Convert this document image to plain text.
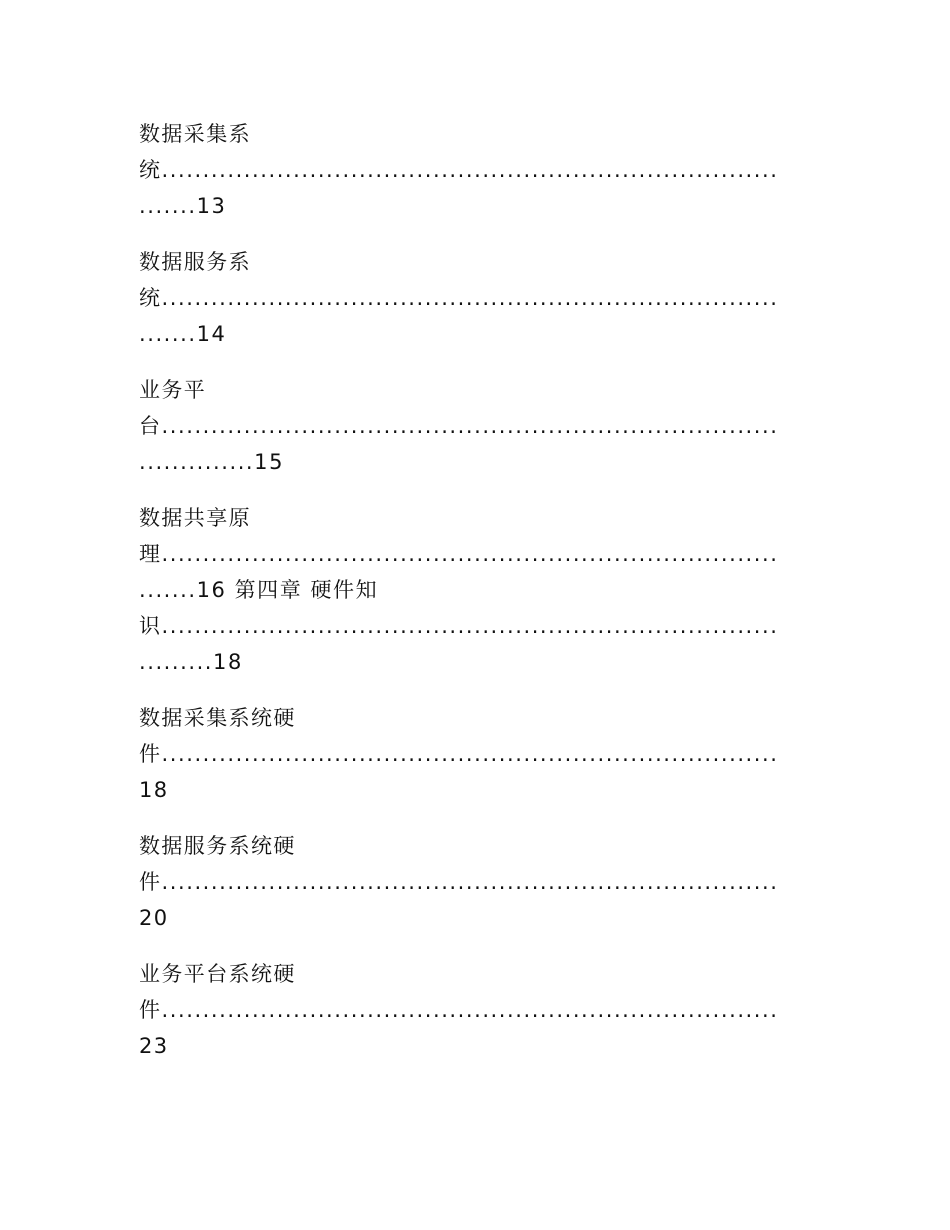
数据采集系
统...........................................................................
.......13
数据服务系
统...........................................................................
.......14
业务平
台...........................................................................
..............15
数据共享原
理...........................................................................
.......16 第四章 硬件知
识...........................................................................
.........18
数据采集系统硬
件...........................................................................
18
数据服务系统硬
件...........................................................................
20
业务平台系统硬
件...........................................................................
23
